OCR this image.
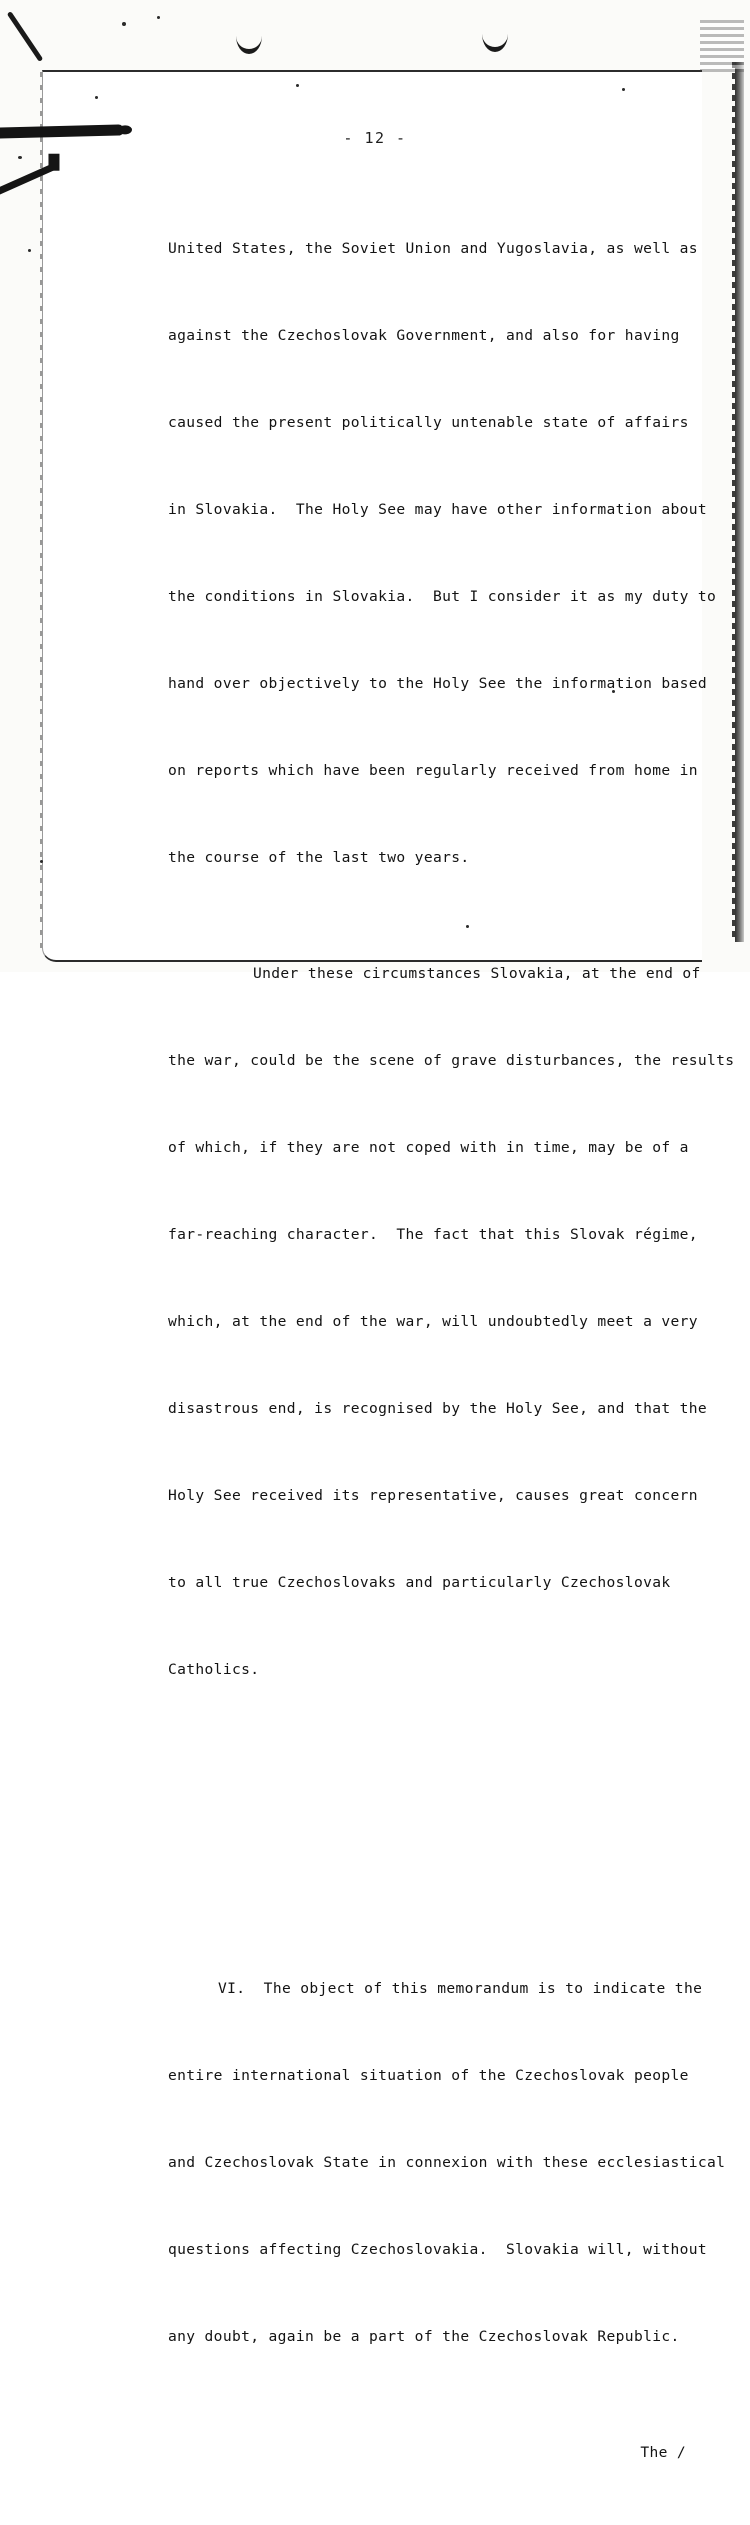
- 12 -

United States, the Soviet Union and Yugoslavia, as well as

against the Czechoslovak Government, and also for having

caused the present politically untenable state of affairs

in Slovakia.  The Holy See may have other information about

the conditions in Slovakia.  But I consider it as my duty to

hand over objectively to the Holy See the information based

on reports which have been regularly received from home in

the course of the last two years.

Under these circumstances Slovakia, at the end of

the war, could be the scene of grave disturbances, the results

of which, if they are not coped with in time, may be of a

far-reaching character.  The fact that this Slovak régime,

which, at the end of the war, will undoubtedly meet a very

disastrous end, is recognised by the Holy See, and that the

Holy See received its representative, causes great concern

to all true Czechoslovaks and particularly Czechoslovak

Catholics.

VI.  The object of this memorandum is to indicate the

entire international situation of the Czechoslovak people

and Czechoslovak State in connexion with these ecclesiastical

questions affecting Czechoslovakia.  Slovakia will, without

any doubt, again be a part of the Czechoslovak Republic.

The /
